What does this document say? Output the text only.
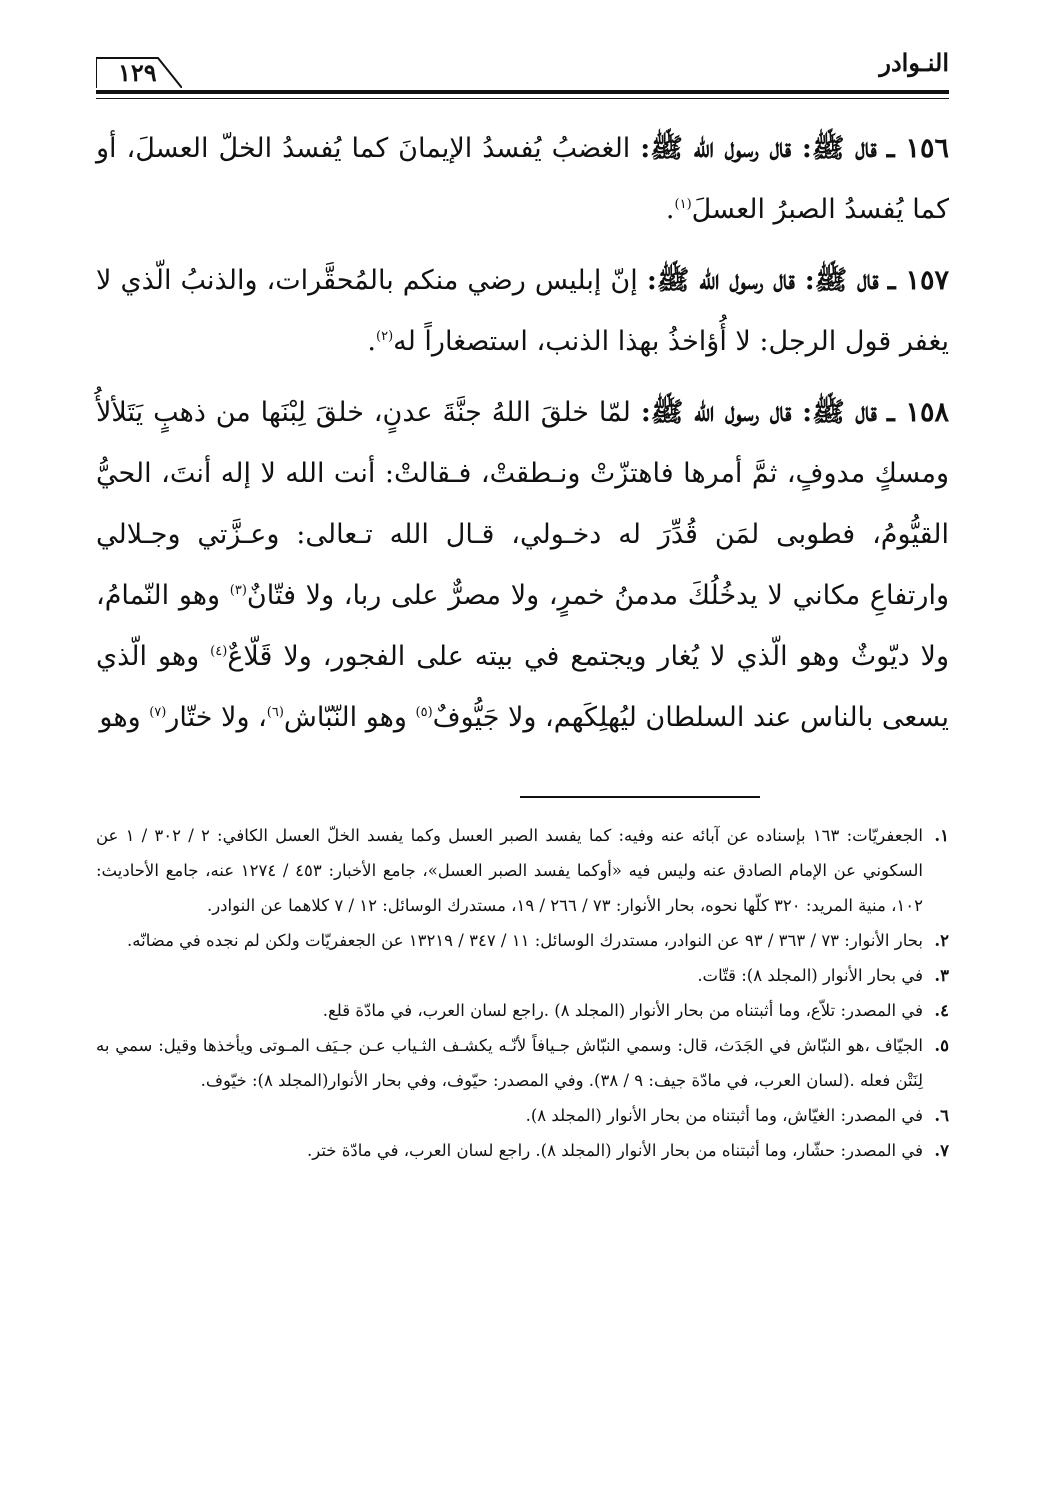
النـوادر
١٢٩

١٥٦ ـ قال ﷺ: قال رسول الله ﷺ: الغضبُ يُفسدُ الإيمانَ كما يُفسدُ الخلّ العسلَ، أو كما يُفسدُ الصبرُ العسلَ$^{(١)}$.

١٥٧ ـ قال ﷺ: قال رسول الله ﷺ: إنّ إبليس رضي منكم بالمُحقَّرات، والذنبُ الّذي لا يغفر قول الرجل: لا أُؤاخذُ بهذا الذنب، استصغاراً له$^{(٢)}$.

١٥٨ ـ قال ﷺ: قال رسول الله ﷺ: لمّا خلقَ اللهُ جنَّةَ عدنٍ، خلقَ لِبْنَها من ذهبٍ يَتَلألأُ ومسكٍ مدوفٍ، ثمَّ أمرها فاهتزّتْ ونـطقتْ، فـقالتْ: أنت الله لا إله أنتَ، الحيُّ القيُّومُ، فطوبى لمَن قُدِّرَ له دخـولي، قـال الله تـعالى: وعـزَّتي وجـلالي وارتفاعِ مكاني لا يدخُلُكَ مدمنُ خمرٍ، ولا مصرٌّ على ربا، ولا فتّانٌ$^{(٣)}$ وهو النّمامُ، ولا ديّوثٌ وهو الّذي لا يُغار ويجتمع في بيته على الفجور، ولا قَلّاعٌ$^{(٤)}$ وهو الّذي يسعى بالناس عند السلطان ليُهلِكَهم، ولا جَيُّوفٌ$^{(٥)}$ وهو النّبّاش$^{(٦)}$، ولا ختّار$^{(٧)}$ وهو

١.
الجعفريّات: ١٦٣ بإسناده عن آبائه عنه وفيه: كما يفسد الصبر العسل وكما يفسد الخلّ العسل الكافي: ٢ / ٣٠٢ / ١ عن السكوني عن الإمام الصادق عنه وليس فيه «أوكما يفسد الصبر العسل»، جامع الأخبار: ٤٥٣ / ١٢٧٤ عنه، جامع الأحاديث: ١٠٢، منية المريد: ٣٢٠ كلّها نحوه، بحار الأنوار: ٧٣ / ٢٦٦ / ١٩، مستدرك الوسائل: ١٢ / ٧ كلاهما عن النوادر.
٢.
بحار الأنوار: ٧٣ / ٣٦٣ / ٩٣ عن النوادر، مستدرك الوسائل: ١١ / ٣٤٧ / ١٣٢١٩ عن الجعفريّات ولكن لم نجده في مضانّه.
٣.
في بحار الأنوار (المجلد ٨): قتّات.
٤.
في المصدر: تلاّع، وما أثبتناه من بحار الأنوار (المجلد ٨) .راجع لسان العرب، في مادّة قلع.
٥.
الجيّاف ،هو النبّاش في الجَدَث، قال: وسمي النبّاش جـيافاً لأنّـه يكشـف الثـياب عـن جـيَف المـوتى ويأخذها وقيل: سمي به لِنَتْن فعله .(لسان العرب، في مادّة جيف: ٩ / ٣٨). وفي المصدر: حيّوف، وفي بحار الأنوار(المجلد ٨): خيّوف.
٦.
في المصدر: الغيّاش، وما أثبتناه من بحار الأنوار (المجلد ٨).
٧.
في المصدر: حشّار، وما أثبتناه من بحار الأنوار (المجلد ٨). راجع لسان العرب، في مادّة ختر.
